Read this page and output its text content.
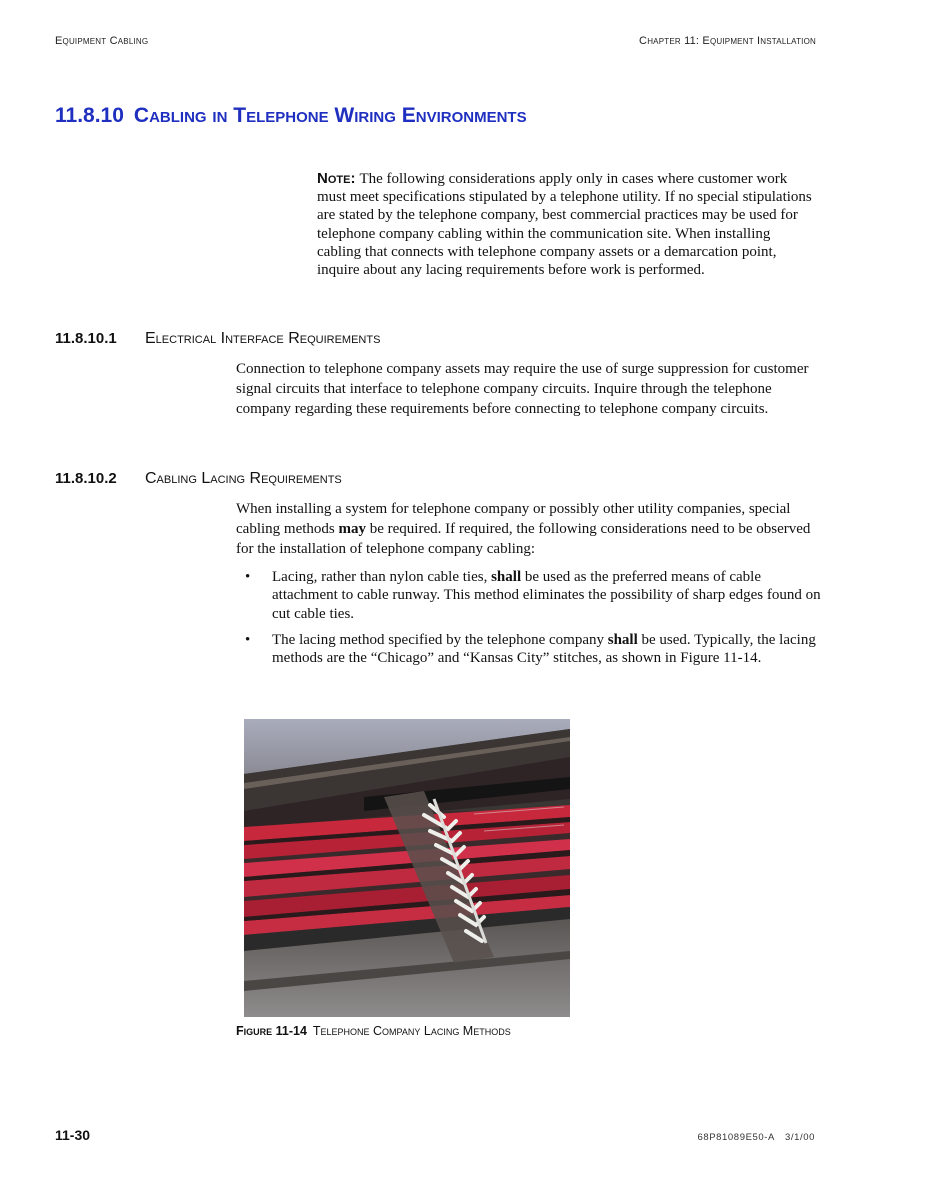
Equipment Cabling	Chapter 11: Equipment Installation
11.8.10 Cabling in Telephone Wiring Environments

Note: The following considerations apply only in cases where customer work must meet specifications stipulated by a telephone utility. If no special stipulations are stated by the telephone company, best commercial practices may be used for telephone company cabling within the communication site. When installing cabling that connects with telephone company assets or a demarcation point, inquire about any lacing requirements before work is performed.

11.8.10.1 Electrical Interface Requirements

Connection to telephone company assets may require the use of surge suppression for customer signal circuits that interface to telephone company circuits. Inquire through the telephone company regarding these requirements before connecting to telephone company circuits.

11.8.10.2 Cabling Lacing Requirements

When installing a system for telephone company or possibly other utility companies, special cabling methods may be required. If required, the following considerations need to be observed for the installation of telephone company cabling:

• Lacing, rather than nylon cable ties, shall be used as the preferred means of cable attachment to cable runway. This method eliminates the possibility of sharp edges found on cut cable ties.
• The lacing method specified by the telephone company shall be used. Typically, the lacing methods are the “Chicago” and “Kansas City” stitches, as shown in Figure 11-14.

Figure 11-14 Telephone Company Lacing Methods

11-30	68P81089E50-A 3/1/00
